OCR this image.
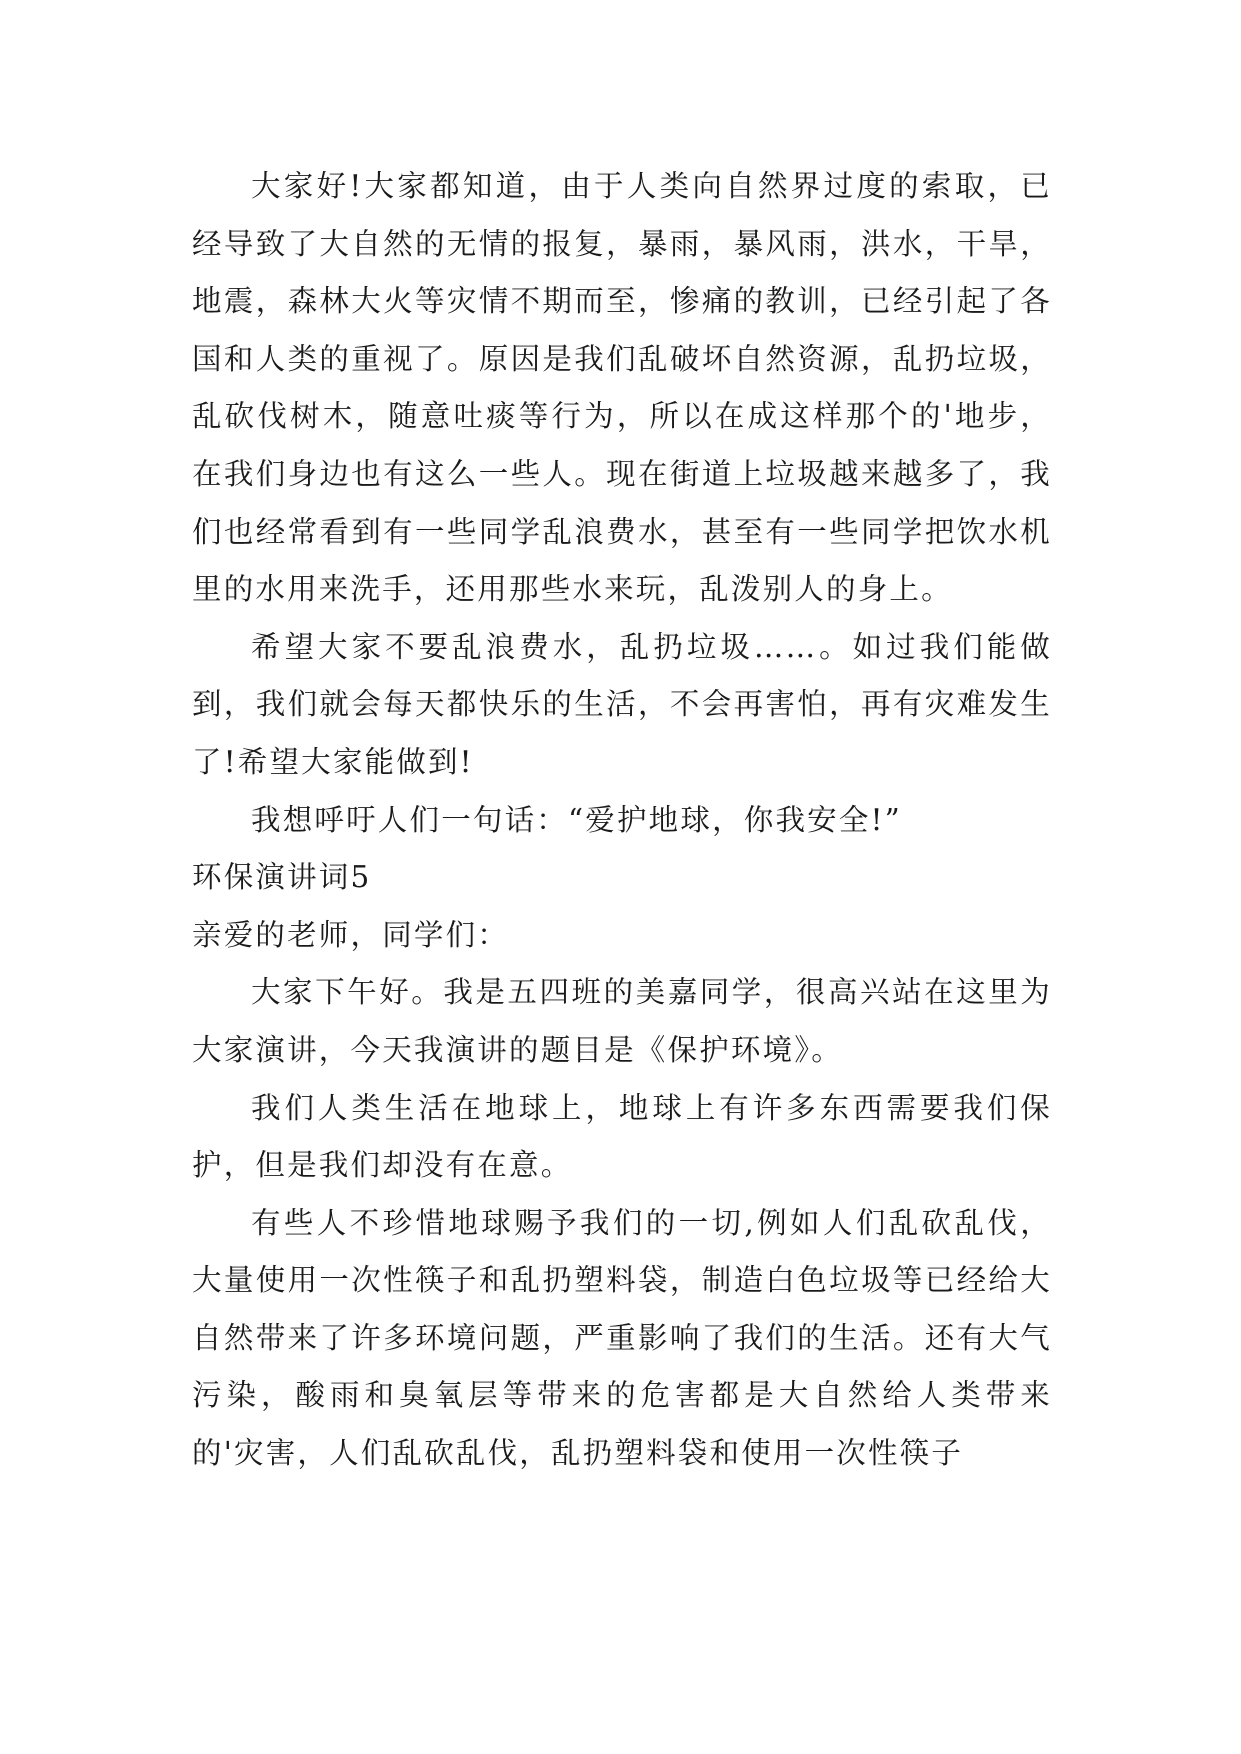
大家好!大家都知道，由于人类向自然界过度的索取，已经导致了大自然的无情的报复，暴雨，暴风雨，洪水，干旱，地震，森林大火等灾情不期而至，惨痛的教训，已经引起了各国和人类的重视了。原因是我们乱破坏自然资源，乱扔垃圾，乱砍伐树木，随意吐痰等行为，所以在成这样那个的'地步，在我们身边也有这么一些人。现在街道上垃圾越来越多了，我们也经常看到有一些同学乱浪费水，甚至有一些同学把饮水机里的水用来洗手，还用那些水来玩，乱泼别人的身上。

希望大家不要乱浪费水，乱扔垃圾……。如过我们能做到，我们就会每天都快乐的生活，不会再害怕，再有灾难发生了!希望大家能做到!

我想呼吁人们一句话：“爱护地球，你我安全!”

环保演讲词5

亲爱的老师，同学们：

大家下午好。我是五四班的美嘉同学，很高兴站在这里为大家演讲，今天我演讲的题目是《保护环境》。

我们人类生活在地球上，地球上有许多东西需要我们保护，但是我们却没有在意。

有些人不珍惜地球赐予我们的一切,例如人们乱砍乱伐，大量使用一次性筷子和乱扔塑料袋，制造白色垃圾等已经给大自然带来了许多环境问题，严重影响了我们的生活。还有大气污染，酸雨和臭氧层等带来的危害都是大自然给人类带来的'灾害，人们乱砍乱伐，乱扔塑料袋和使用一次性筷子
